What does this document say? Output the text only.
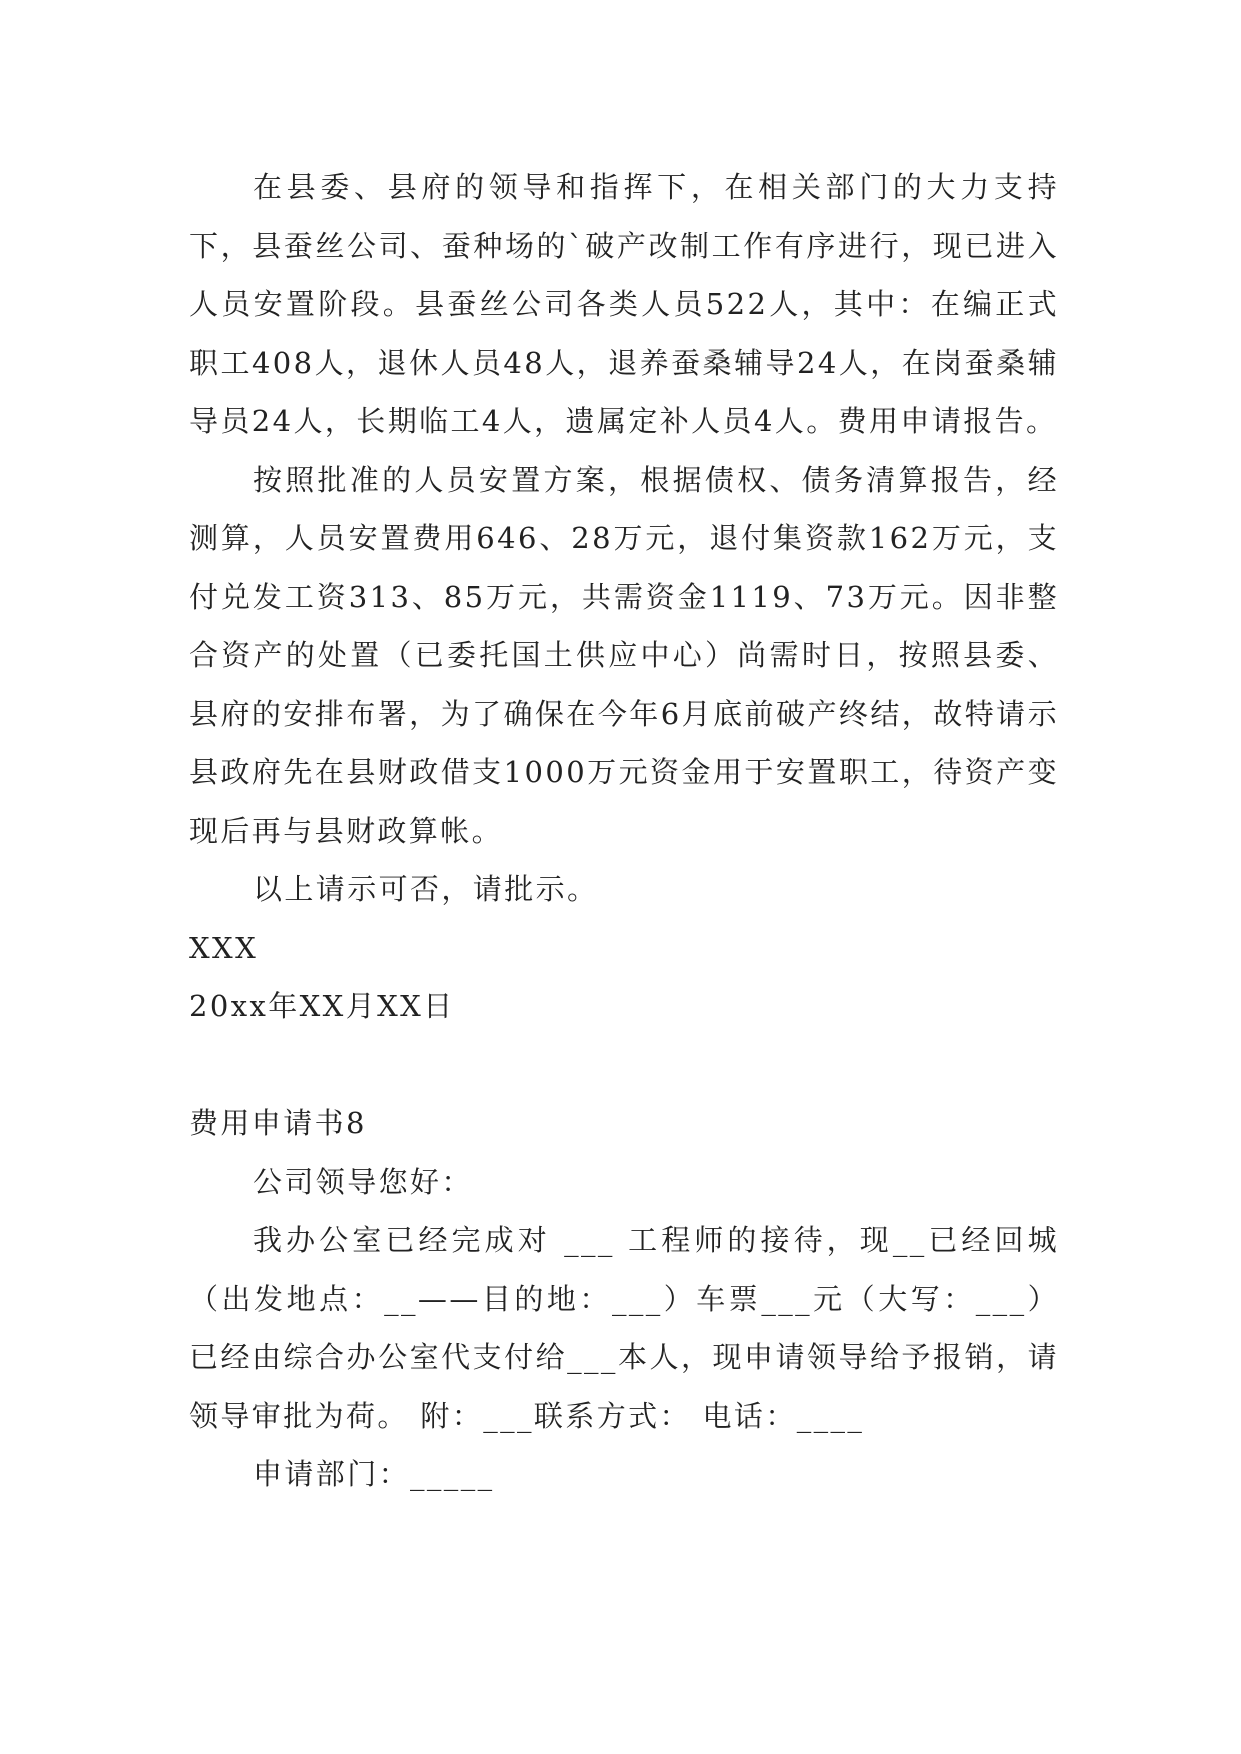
在县委、县府的领导和指挥下，在相关部门的大力支持下，县蚕丝公司、蚕种场的`破产改制工作有序进行，现已进入人员安置阶段。县蚕丝公司各类人员522人，其中：在编正式职工408人，退休人员48人，退养蚕桑辅导24人，在岗蚕桑辅导员24人，长期临工4人，遗属定补人员4人。费用申请报告。

按照批准的人员安置方案，根据债权、债务清算报告，经测算，人员安置费用646、28万元，退付集资款162万元，支付兑发工资313、85万元，共需资金1119、73万元。因非整合资产的处置（已委托国土供应中心）尚需时日，按照县委、县府的安排布署，为了确保在今年6月底前破产终结，故特请示县政府先在县财政借支1000万元资金用于安置职工，待资产变现后再与县财政算帐。

以上请示可否，请批示。

XXX

20xx年XX月XX日

费用申请书8

公司领导您好：

我办公室已经完成对 ___ 工程师的接待，现__已经回城（出发地点：__——目的地：___）车票___元（大写：___）已经由综合办公室代支付给___本人，现申请领导给予报销，请领导审批为荷。 附：___联系方式： 电话：____

申请部门：_____
